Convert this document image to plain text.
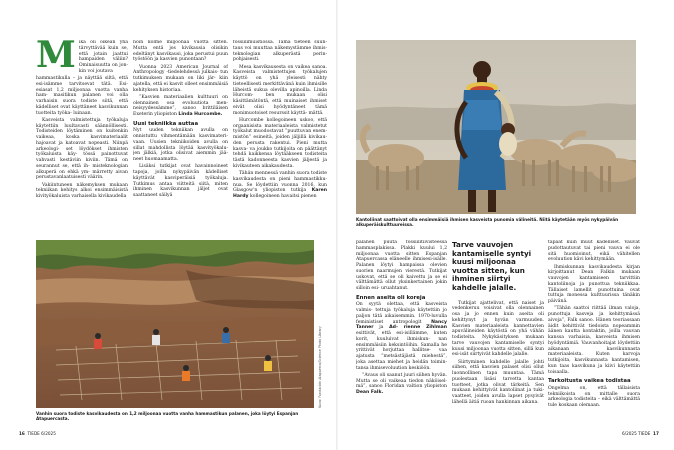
Mikä oli oikean yhä tärvyttävää kuin se, että jotain jaattui hampaiden väliin? Ominaisuutta on jon- kin voi joutava

hammastikulla – ja näyttää siltä, että esi-isämme tarvitsevat tätä. Esi- esiasat 1,2 miljoonaa vuotta vanha ham- masitikun palanen voi olla varhaisin suora todiste siitä, että kädelliset ovat käyttäneet kasvikunnan tuotteita työka- luinaan.

Kasveista valmistettuja työkaluja käytettiin luultavasti säännöllisesti. Todisteiden löytäminen on kuitenkin vaikeaa, koska kasvimateriaalit hajoavat ja katoavat nopeasti. Niinpä arkeologi- set löydökset ihmisten työkaluista käy- tössä painottuvat vahvasti kestäviin kiviin. Tämä on seurannut se, että ih- misteknologian alkuperä on ehkä ym- märretty aivan perustavanlaatuisesti väärin.

Vakiintuneen näkemyksen mukaan tekniikan kehitys alkoi ensimmäisistä kivityökaluista varhaisella kivikaudella

noin kolme miljoonaa vuotta sitten. Mutta entä jos kivikausia olisikin edeltänyt kasvikausi, joka perustui puun työstöön ja kasvien punontaan?

Vuonna 2023 American Journal of Anthropology -tiedelehdessä julkais- tun tutkimuksen mukaan on liki jär- kiin ajatella, että ei kasvit olleet ensimmäisiä kehityksen historiaa.

”Kasvien materiaalien kulttuuri on olennainen osa evoluutiota men- neisyydessämme”, sanoo brittiläisen Exeterin yliopiston Linda Hurcombe.

Uusi tekniikka auttaa

Nyt uuden tekniikan avulla on onnistuttu vihmentämään kasvimateri- vaan. Uusien tekniikoiden avulla on sillat mahdollista löytää kasvityökalu- jen jälkiä, jotka olisivat aiemmin jää- neet huomaamatta.

Lisäksi tutkijat ovat havainnoineet tapoja, joilla nykypäivän kädelliset käyttävät kasviperäisiä työkaluja. Tutkimus antaa viitteitä siitä, miten ihminen kasvikunnan jäljet ovat saattaneet säilyä

fossiilimuistiossa. Tämä tieteen suun- taus voi muuttaa näkemystämme ihmis- teknologian alkuperästä perin- pohjaisesti.

Mesa kasvikausesta on vaikea sanoa. Kasveista valmistettujen työkalujen käyttö on yhä yleisesti nähty tieteellisesti merkittävänä kuin ihmisille läheistä sukua olevilla apinoilla. Linda Hurcom- ben mukaan olisi käsittämätöntä, että muinaiset ihmiset eivät olisi hyödyntäneet tämä monimuotoiset resurssit käyttä- mättä.

Hurcombe kollegoineen uskoo, että orgaanisista materiaaleista valmistetut työkalut muodostavat ”puuttuvan enem- mistön” esineitä, joiden jäljillä kivikau- den perusta rakentui. Pieni mutta kasva- va joukko tutkijoita on päättänyt tehdä kaikkensa löytääkseen todisteita tästä kadonneesta kasvien jäljestä ja kivikauteen aikakaudesta.

Tähän mennessä vanhin suora todiste kasvikaudesta on pieni hammastikku- nua. Se löydettiin vuonna 2016, kun Glasgow’n yliopiston tutkija Karen Hardy kollegoineen havaitsi pienen

Kuva: Fundación Atapuerca/Science Photo Library
Vanhin suora todiste kasvikaudesta on 1,2 miljoonaa vuotta vanha hammastikun palanen, joka löytyi Espanjan Atapuercasta.
16 TIEDE 6/2025
Kantoliinat saattoivat olla ensimmäisiä ihmisen kasveista punomia välineitä. Niitä käytetään myös nykypäivän alkuperäiskulttuureissa.

palanen puuta fossiilitiivisteessä hammasplakissa. Plakki kuului 1,2 miljoonaa vuotta sitten Espanjan Atapuercassa eläneelle ihmisesi-isälle. Palanen löytyi hampaissa olevien suorien naarmujen vierestä. Tutkijat uskovat, että se oli kaivettu ja se ei välttämättä ollut yksinkertainen jokin silloin esi- uruahtanut.

Ennen aseita oli koreja

On syytä olettaa, että kasveista valmis- tettuja työkaluja käytettiin jo paljon tätä aikaisemmin. 1970-luvulla feministiset antropologit Nancy Tanner ja Ad- rienne Zihlman esittivät, että esi-isillämme, kuten korit, kuuluivat ihmiskun- nan ensimmäisiin keksintöihin. Samalla he yrittivät horjuttaa hallitse- vaa ajatusta ”metsästäjästä miehestä”, joka asettaa miehet ja heidän toimin- tansa ihmisevoluution keskiöön.

”Avaus oli saanut juuri siihen hyvän. Mutta se oli vaikeaa tiedon näköisel- mä”, sanoo Floridan valtion yliopiston Dean Falk.

Tarve vauvojen kantamiselle syntyi kuusi miljoonaa vuotta sitten, kun ihminen siirtyi kahdelle jalalle.

Tutkijat ajattelivat, että naiset ja vedenkeruu voisivat olla olennainen osa ja jo ennen kuin aseita oli kehittynyt ja hyvän varmuuden. Kasvien materiaaleista kannettavien apuvälineiden käytöstä on yhä vähän todisteita. Nykykäsityksen mukaan tarve vauvojen kantamiselle syntyi kuusi miljoonaa vuotta sitten, sillä kun esi-isät siirtyivät kahdelle jalalle.

Siirtyminen kahdelle jalalle johti siihen, että kasvien palaset olisi ollut luonnollinen tapa muuntaa. Tämä puolestaan lisäsi tarvetta kantaa tuotteet, jotka olivat tärkeitä. Sen mukaan kehittyivät kantoliinat ja tuki- vaatteet, joiden avulla lapset pysyivät lähellä äitiä ruoan hankinnan aikana.

tapaat kuin muut kädelliset. Vauvat pudottautuvat tai pieni vauva ei ole sitä huomioinut, eikä vähitellen evoluution kävi kehittymään.

Ihmiskunnan kasvikaudesta kirjan kirjoittanut Dean Falkin mukaan vauvojen kantamiseen tarvittiin kantoliinoja ja punottua tekniikkaa. Tällaiset lamellit punottuina ovat tuttuja monessa kulttuurissa tänäkin päivänä.

”Tähän saattoi riittää ilman valoja, punottuja kasveja ja kehittymässä aivoja”, Falk sanoo. Hänen teoriassaan äidit kehittivät tiedoista nopeammin äänen kautta kontaktin, joilla vauvan kanssa varhaisia, kasveista ihmisen hyödyntämiä. Vauvanhoitajat löydettiin aikanaan kasvikunnasta materiaaleista. Kuten karvoja tutkijoita, kasvikunnasta kantamisen, kun taas kasvikuna ja kiivi käytettiin toisaalla.

Tarkoitusta vaikea todistaa

Ongelma on, että tällaisista tekniikoista on mittalle suora arkeologia todisteita – eikä välttämättä tule koskaan olemaan.

6/2025 TIEDE 17
